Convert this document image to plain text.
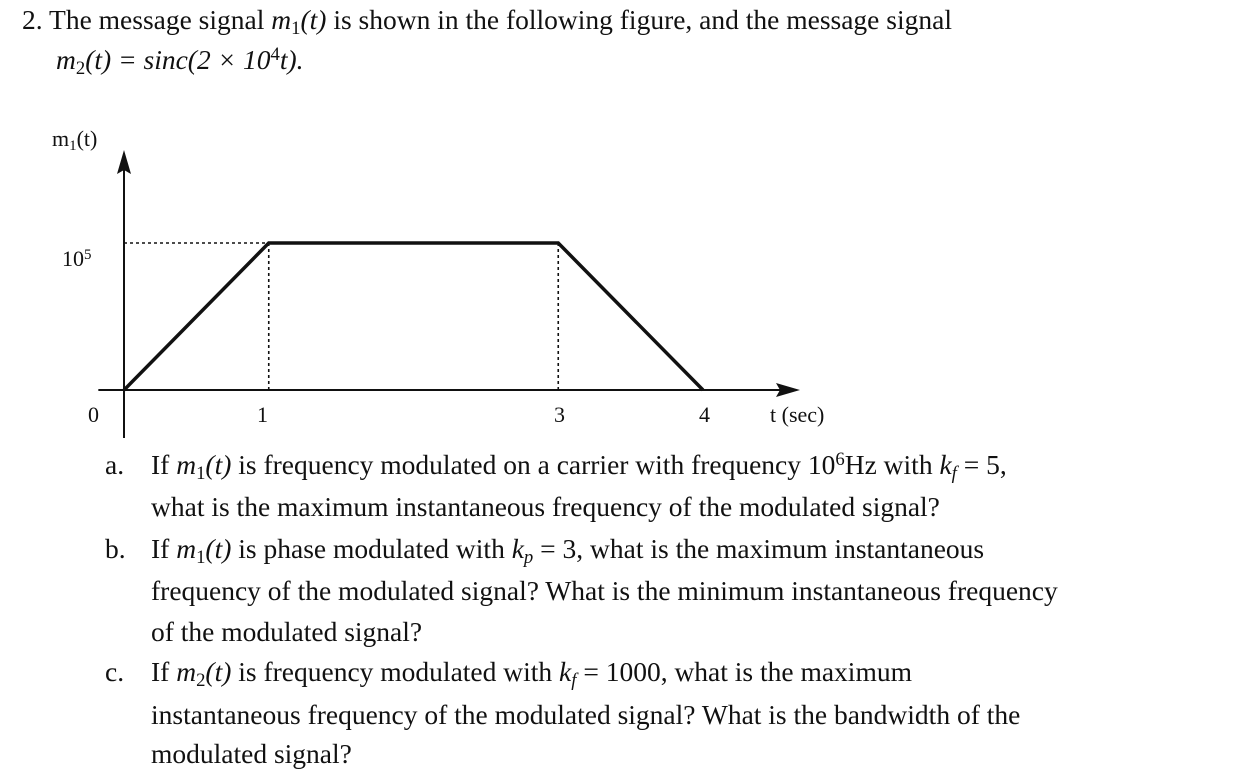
2. The message signal $m_1(t)$ is shown in the following figure, and the message signal
$m_2(t) = \sin c(2 \times 10^4t)$.
$m_1(t)$
$10^5$
0	1	3	4	t (sec)
a. If $m_1(t)$ is frequency modulated on a carrier with frequency $10^6Hz$ with $k_f = 5$,
what is the maximum instantaneous frequency of the modulated signal?
b. If $m_1(t)$ is phase modulated with $k_p = 3$, what is the maximum instantaneous
frequency of the modulated signal? What is the minimum instantaneous frequency
of the modulated signal?
c. If $m_2(t)$ is frequency modulated with $k_f = 1000$, what is the maximum
instantaneous frequency of the modulated signal? What is the bandwidth of the
modulated signal?
